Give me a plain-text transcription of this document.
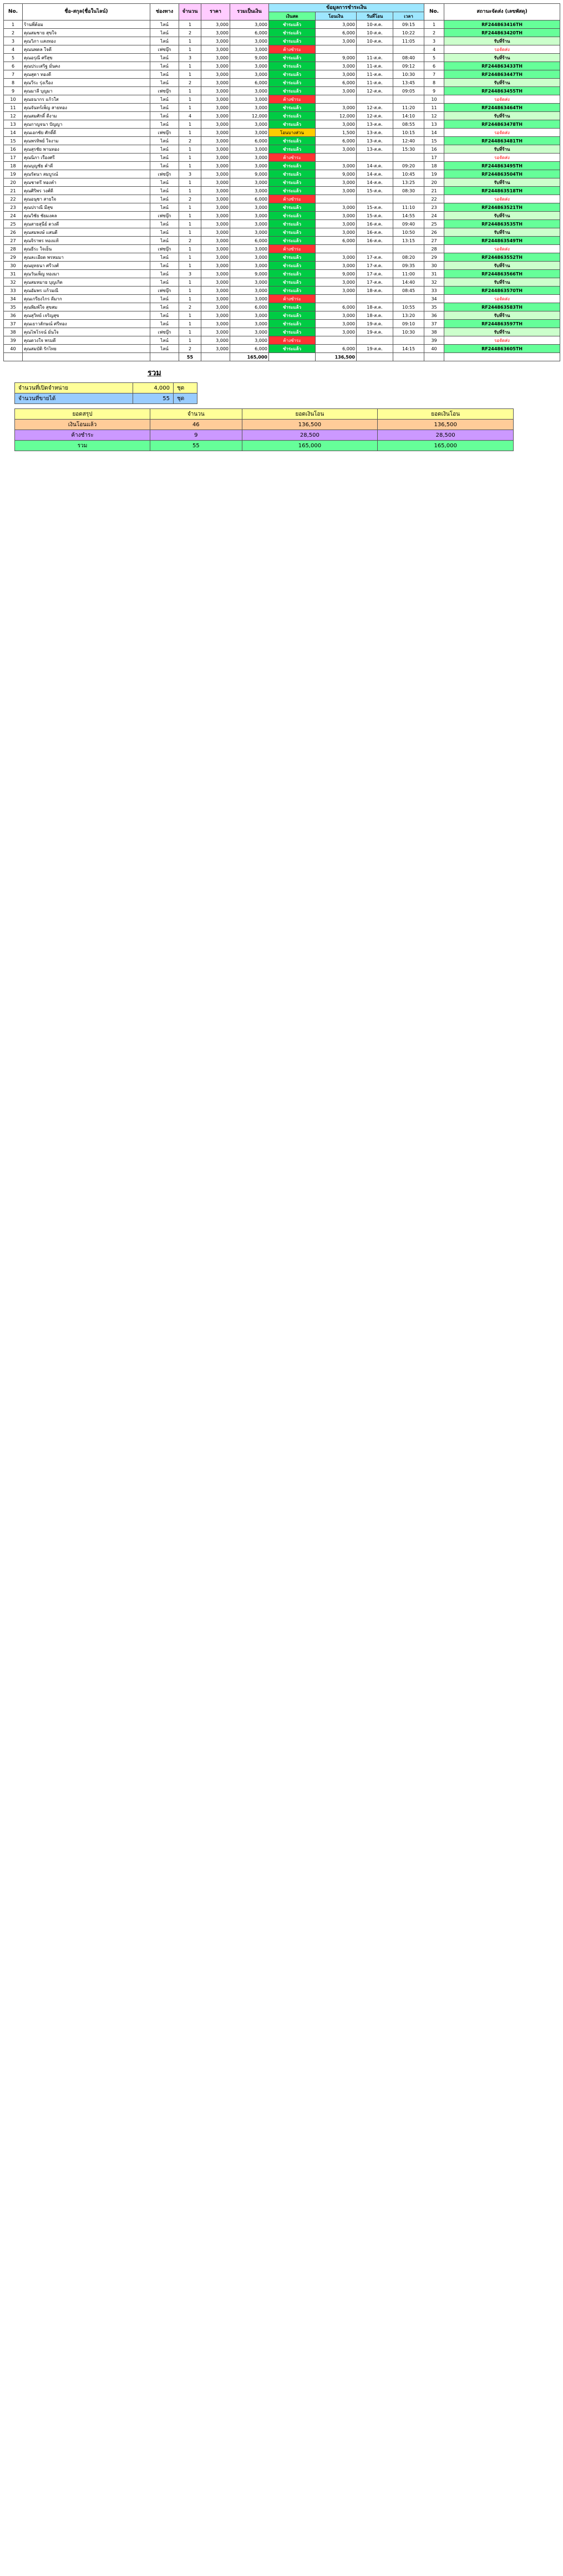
No.	ชื่อ-สกุล(ชื่อในไลน์)	ช่องทาง	จำนวน	ราคา	รวมเป็นเงิน	ข้อมูลการชำระเงิน				No.	สถานะจัดส่ง (เลขพัสดุ)
						เงินสด	โอนเงิน	วันที่โอน	เวลา		
1	ร้านพี่ต้อม	ไลน์	1	3,000	3,000	ชำระแล้ว	3,000	10-ส.ค.	09:15	1	RF244863416TH
2	คุณสมชาย สุขใจ	ไลน์	2	3,000	6,000	ชำระแล้ว	6,000	10-ส.ค.	10:22	2	RF244863420TH
3	คุณวิภา แสงทอง	ไลน์	1	3,000	3,000	ชำระแล้ว	3,000	10-ส.ค.	11:05	3	รับที่ร้าน
4	คุณนพดล ใจดี	เฟซบุ๊ก	1	3,000	3,000	ค้างชำระ				4	รอจัดส่ง
5	คุณอรุณี ศรีสุข	ไลน์	3	3,000	9,000	ชำระแล้ว	9,000	11-ส.ค.	08:40	5	รับที่ร้าน
6	คุณประเสริฐ มั่นคง	ไลน์	1	3,000	3,000	ชำระแล้ว	3,000	11-ส.ค.	09:12	6	RF244863433TH
7	คุณสุดา ทองดี	ไลน์	1	3,000	3,000	ชำระแล้ว	3,000	11-ส.ค.	10:30	7	RF244863447TH
8	คุณวีระ รุ่งเรือง	ไลน์	2	3,000	6,000	ชำระแล้ว	6,000	11-ส.ค.	13:45	8	รับที่ร้าน
9	คุณมาลี บุญมา	เฟซบุ๊ก	1	3,000	3,000	ชำระแล้ว	3,000	12-ส.ค.	09:05	9	RF244863455TH
10	คุณธนากร แก้วใส	ไลน์	1	3,000	3,000	ค้างชำระ				10	รอจัดส่ง
11	คุณจันทร์เพ็ญ สายทอง	ไลน์	1	3,000	3,000	ชำระแล้ว	3,000	12-ส.ค.	11:20	11	RF244863464TH
12	คุณสมศักดิ์ ดีงาม	ไลน์	4	3,000	12,000	ชำระแล้ว	12,000	12-ส.ค.	14:10	12	รับที่ร้าน
13	คุณกาญจนา ปัญญา	ไลน์	1	3,000	3,000	ชำระแล้ว	3,000	13-ส.ค.	08:55	13	RF244863478TH
14	คุณเอกชัย ศักดิ์ดี	เฟซบุ๊ก	1	3,000	3,000	โอนบางส่วน	1,500	13-ส.ค.	10:15	14	รอจัดส่ง
15	คุณพรทิพย์ ใจงาม	ไลน์	2	3,000	6,000	ชำระแล้ว	6,000	13-ส.ค.	12:40	15	RF244863481TH
16	คุณสุรชัย พานทอง	ไลน์	1	3,000	3,000	ชำระแล้ว	3,000	13-ส.ค.	15:30	16	รับที่ร้าน
17	คุณนิภา เรืองศรี	ไลน์	1	3,000	3,000	ค้างชำระ				17	รอจัดส่ง
18	คุณบุญชัย คำดี	ไลน์	1	3,000	3,000	ชำระแล้ว	3,000	14-ส.ค.	09:20	18	RF244863495TH
19	คุณรัตนา สมบูรณ์	เฟซบุ๊ก	3	3,000	9,000	ชำระแล้ว	9,000	14-ส.ค.	10:45	19	RF244863504TH
20	คุณชาตรี ทองคำ	ไลน์	1	3,000	3,000	ชำระแล้ว	3,000	14-ส.ค.	13:25	20	รับที่ร้าน
21	คุณศิริพร วงศ์ดี	ไลน์	1	3,000	3,000	ชำระแล้ว	3,000	15-ส.ค.	08:30	21	RF244863518TH
22	คุณอนุชา สายใจ	ไลน์	2	3,000	6,000	ค้างชำระ				22	รอจัดส่ง
23	คุณปราณี มีสุข	ไลน์	1	3,000	3,000	ชำระแล้ว	3,000	15-ส.ค.	11:10	23	RF244863521TH
24	คุณวิชัย ชัยมงคล	เฟซบุ๊ก	1	3,000	3,000	ชำระแล้ว	3,000	15-ส.ค.	14:55	24	รับที่ร้าน
25	คุณสายสุนีย์ ดวงดี	ไลน์	1	3,000	3,000	ชำระแล้ว	3,000	16-ส.ค.	09:40	25	RF244863535TH
26	คุณสมพงษ์ แสนดี	ไลน์	1	3,000	3,000	ชำระแล้ว	3,000	16-ส.ค.	10:50	26	รับที่ร้าน
27	คุณจิราพร ทองแท้	ไลน์	2	3,000	6,000	ชำระแล้ว	6,000	16-ส.ค.	13:15	27	RF244863549TH
28	คุณธีระ ใจเย็น	เฟซบุ๊ก	1	3,000	3,000	ค้างชำระ				28	รอจัดส่ง
29	คุณละเอียด พรหมมา	ไลน์	1	3,000	3,000	ชำระแล้ว	3,000	17-ส.ค.	08:20	29	RF244863552TH
30	คุณยุทธนา ศรีวงศ์	ไลน์	1	3,000	3,000	ชำระแล้ว	3,000	17-ส.ค.	09:35	30	รับที่ร้าน
31	คุณวันเพ็ญ ทองมา	ไลน์	3	3,000	9,000	ชำระแล้ว	9,000	17-ส.ค.	11:00	31	RF244863566TH
32	คุณสมหมาย บุญเกิด	ไลน์	1	3,000	3,000	ชำระแล้ว	3,000	17-ส.ค.	14:40	32	รับที่ร้าน
33	คุณอัมพร แก้วมณี	เฟซบุ๊ก	1	3,000	3,000	ชำระแล้ว	3,000	18-ส.ค.	08:45	33	RF244863570TH
34	คุณเกรียงไกร ดีมาก	ไลน์	1	3,000	3,000	ค้างชำระ				34	รอจัดส่ง
35	คุณพิมพ์ใจ สุขสม	ไลน์	2	3,000	6,000	ชำระแล้ว	6,000	18-ส.ค.	10:55	35	RF244863583TH
36	คุณสุวิทย์ เจริญสุข	ไลน์	1	3,000	3,000	ชำระแล้ว	3,000	18-ส.ค.	13:20	36	รับที่ร้าน
37	คุณเยาวลักษณ์ ศรีทอง	ไลน์	1	3,000	3,000	ชำระแล้ว	3,000	19-ส.ค.	09:10	37	RF244863597TH
38	คุณไพโรจน์ มั่นใจ	เฟซบุ๊ก	1	3,000	3,000	ชำระแล้ว	3,000	19-ส.ค.	10:30	38	รับที่ร้าน
39	คุณดวงใจ พรมดี	ไลน์	1	3,000	3,000	ค้างชำระ				39	รอจัดส่ง
40	คุณสมบัติ รักไทย	ไลน์	2	3,000	6,000	ชำระแล้ว	6,000	19-ส.ค.	14:15	40	RF244863605TH
			55		165,000		136,500				
รวม
จำนวนที่เปิดจำหน่าย	4,000	ชุด
จำนวนที่ขายได้	55	ชุด
ยอดสรุป	จำนวน	ยอดเงินโอน	ยอดเงินโอน
เงินโอนแล้ว	46	136,500	136,500
ค้างชำระ	9	28,500	28,500
รวม	55	165,000	165,000
